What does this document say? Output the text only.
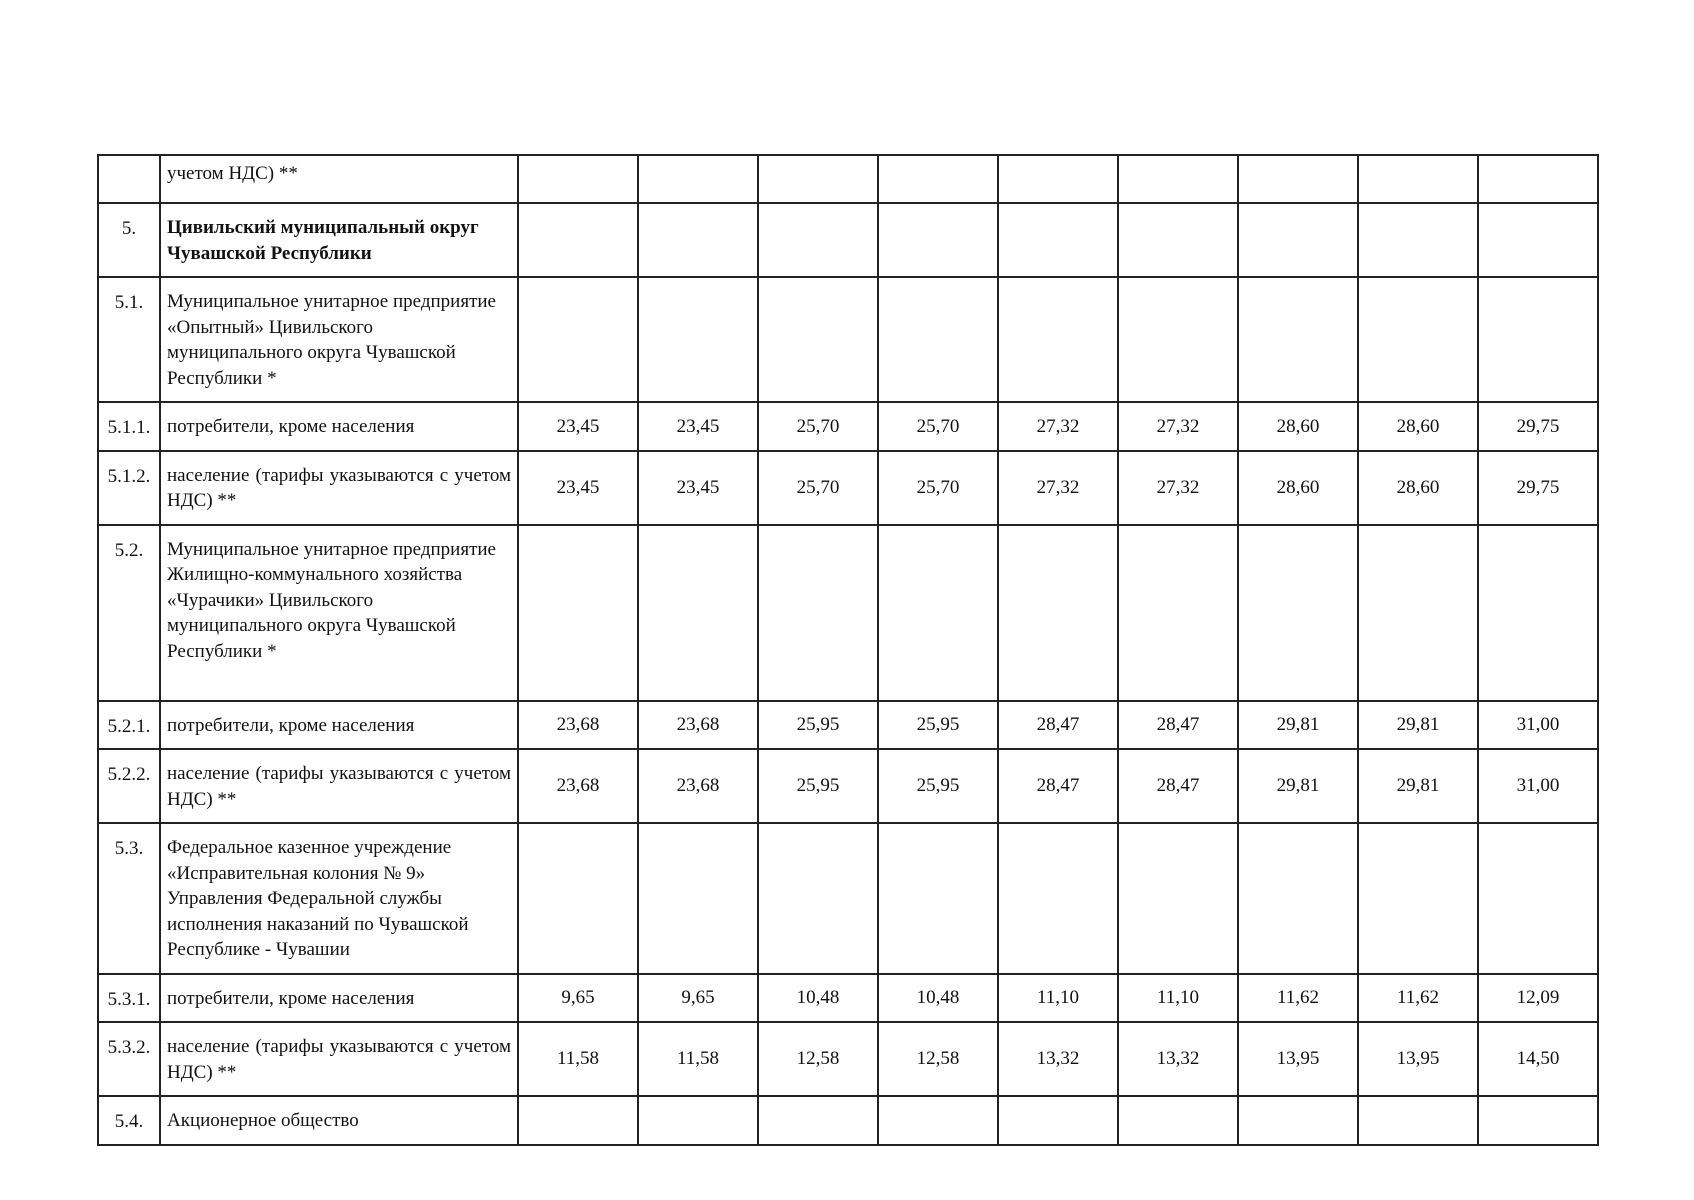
	учетом НДС) **									
5.	Цивильский муниципальный округ Чувашской Республики									
5.1.	Муниципальное унитарное предприятие «Опытный» Цивильского муниципального округа Чувашской Республики *									
5.1.1.	потребители, кроме населения	23,45	23,45	25,70	25,70	27,32	27,32	28,60	28,60	29,75
5.1.2.	население (тарифы указываются с учетом НДС) **	23,45	23,45	25,70	25,70	27,32	27,32	28,60	28,60	29,75
5.2.	Муниципальное унитарное предприятие Жилищно-коммунального хозяйства «Чурачики» Цивильского муниципального округа Чувашской Республики *									
5.2.1.	потребители, кроме населения	23,68	23,68	25,95	25,95	28,47	28,47	29,81	29,81	31,00
5.2.2.	население (тарифы указываются с учетом НДС) **	23,68	23,68	25,95	25,95	28,47	28,47	29,81	29,81	31,00
5.3.	Федеральное казенное учреждение «Исправительная колония № 9» Управления Федеральной службы исполнения наказаний по Чувашской Республике - Чувашии									
5.3.1.	потребители, кроме населения	9,65	9,65	10,48	10,48	11,10	11,10	11,62	11,62	12,09
5.3.2.	население (тарифы указываются с учетом НДС) **	11,58	11,58	12,58	12,58	13,32	13,32	13,95	13,95	14,50
5.4.	Акционерное общество									
